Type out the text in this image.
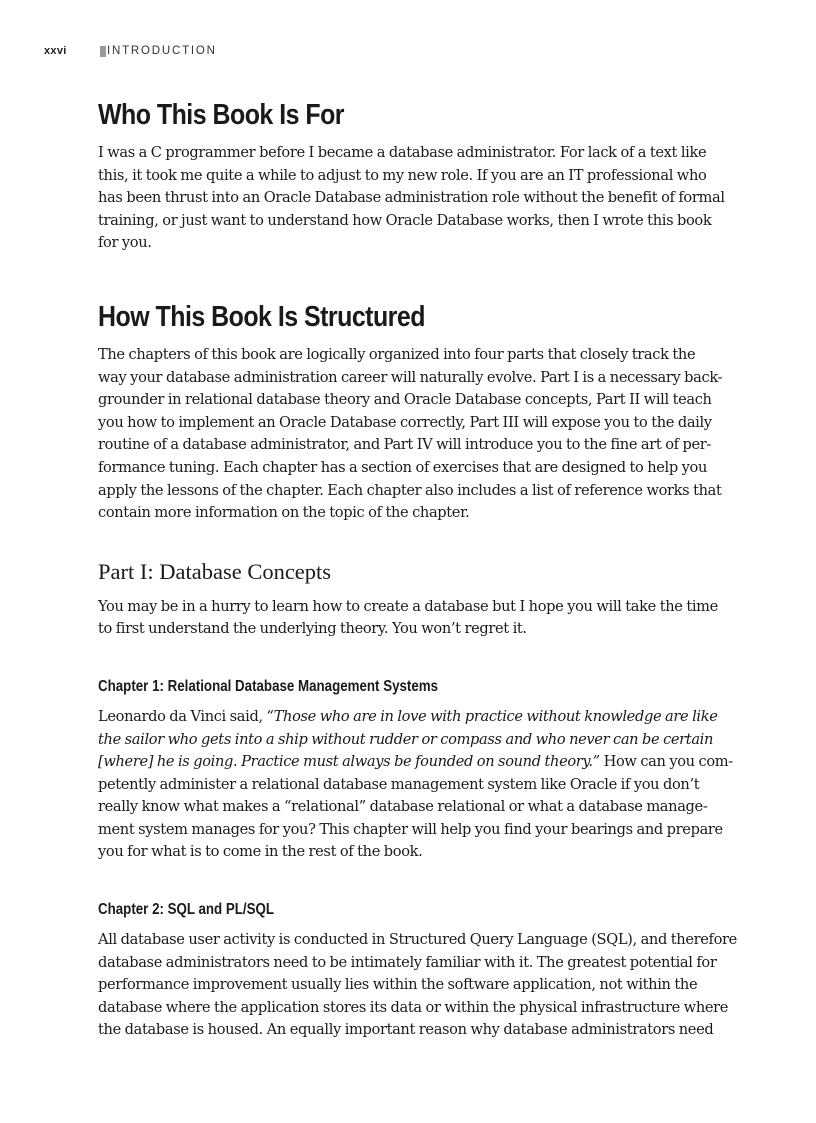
xxvi	INTRODUCTION
Who This Book Is For

I was a C programmer before I became a database administrator. For lack of a text like
this, it took me quite a while to adjust to my new role. If you are an IT professional who
has been thrust into an Oracle Database administration role without the benefit of formal
training, or just want to understand how Oracle Database works, then I wrote this book
for you.

How This Book Is Structured

The chapters of this book are logically organized into four parts that closely track the
way your database administration career will naturally evolve. Part I is a necessary back-
grounder in relational database theory and Oracle Database concepts, Part II will teach
you how to implement an Oracle Database correctly, Part III will expose you to the daily
routine of a database administrator, and Part IV will introduce you to the fine art of per-
formance tuning. Each chapter has a section of exercises that are designed to help you
apply the lessons of the chapter. Each chapter also includes a list of reference works that
contain more information on the topic of the chapter.

Part I: Database Concepts

You may be in a hurry to learn how to create a database but I hope you will take the time
to first understand the underlying theory. You won’t regret it.

Chapter 1: Relational Database Management Systems

Leonardo da Vinci said, “Those who are in love with practice without knowledge are like
the sailor who gets into a ship without rudder or compass and who never can be certain
[where] he is going. Practice must always be founded on sound theory.” How can you com-
petently administer a relational database management system like Oracle if you don’t
really know what makes a “relational” database relational or what a database manage-
ment system manages for you? This chapter will help you find your bearings and prepare
you for what is to come in the rest of the book.

Chapter 2: SQL and PL/SQL

All database user activity is conducted in Structured Query Language (SQL), and therefore
database administrators need to be intimately familiar with it. The greatest potential for
performance improvement usually lies within the software application, not within the
database where the application stores its data or within the physical infrastructure where
the database is housed. An equally important reason why database administrators need
